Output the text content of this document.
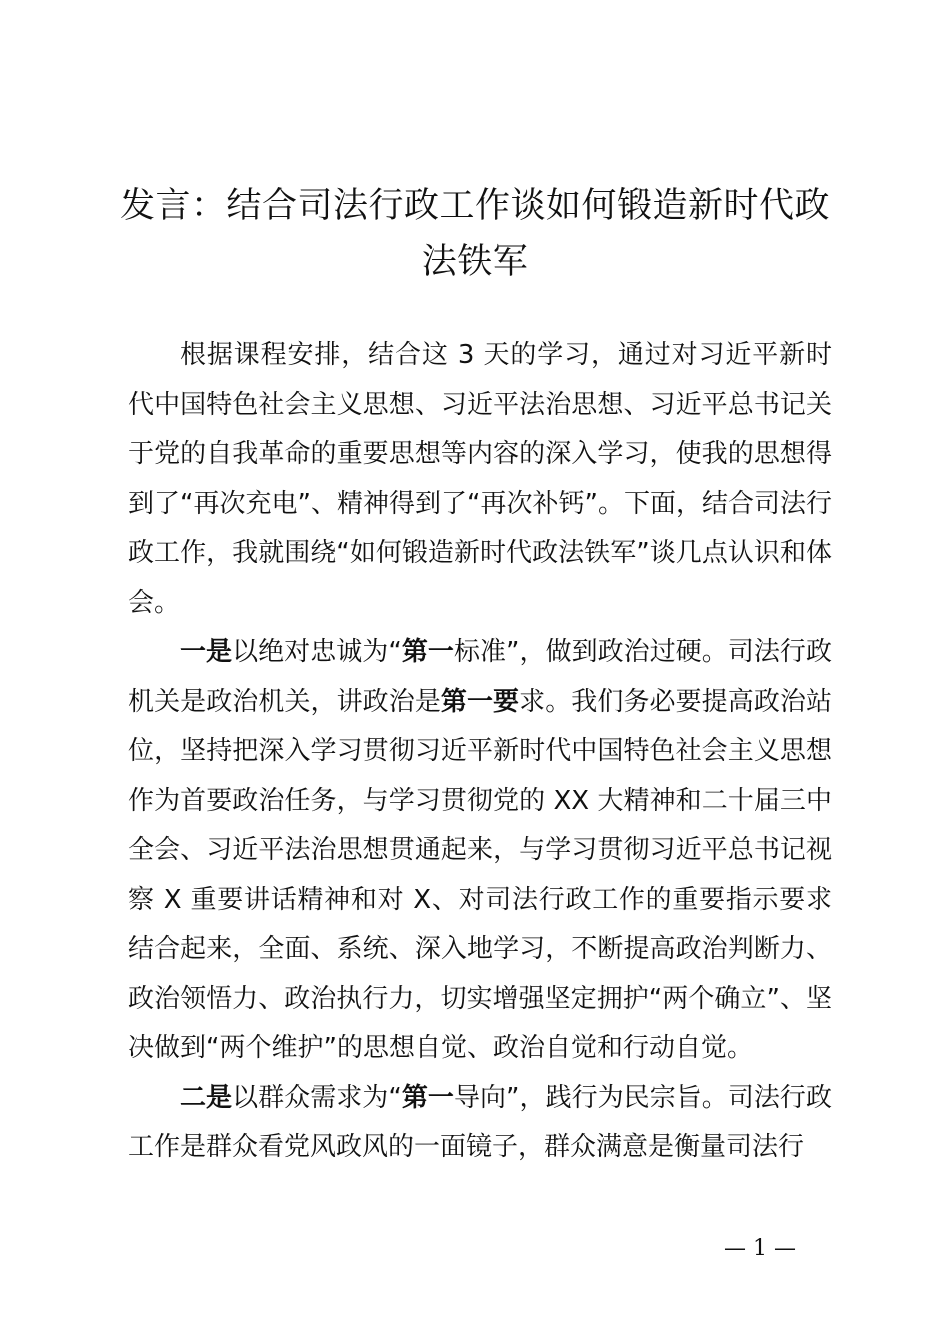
发言：结合司法行政工作谈如何锻造新时代政
法铁军

根据课程安排，结合这 3 天的学习，通过对习近平新时代中国特色社会主义思想、习近平法治思想、习近平总书记关于党的自我革命的重要思想等内容的深入学习，使我的思想得到了“再次充电”、精神得到了“再次补钙”。下面，结合司法行政工作，我就围绕“如何锻造新时代政法铁军”谈几点认识和体会。

一是以绝对忠诚为“第一标准”，做到政治过硬。司法行政机关是政治机关，讲政治是第一要求。我们务必要提高政治站位，坚持把深入学习贯彻习近平新时代中国特色社会主义思想作为首要政治任务，与学习贯彻党的 XX 大精神和二十届三中全会、习近平法治思想贯通起来，与学习贯彻习近平总书记视察 X 重要讲话精神和对 X、对司法行政工作的重要指示要求结合起来，全面、系统、深入地学习，不断提高政治判断力、政治领悟力、政治执行力，切实增强坚定拥护“两个确立”、坚决做到“两个维护”的思想自觉、政治自觉和行动自觉。

二是以群众需求为“第一导向”，践行为民宗旨。司法行政工作是群众看党风政风的一面镜子，群众满意是衡量司法行

— 1 —
